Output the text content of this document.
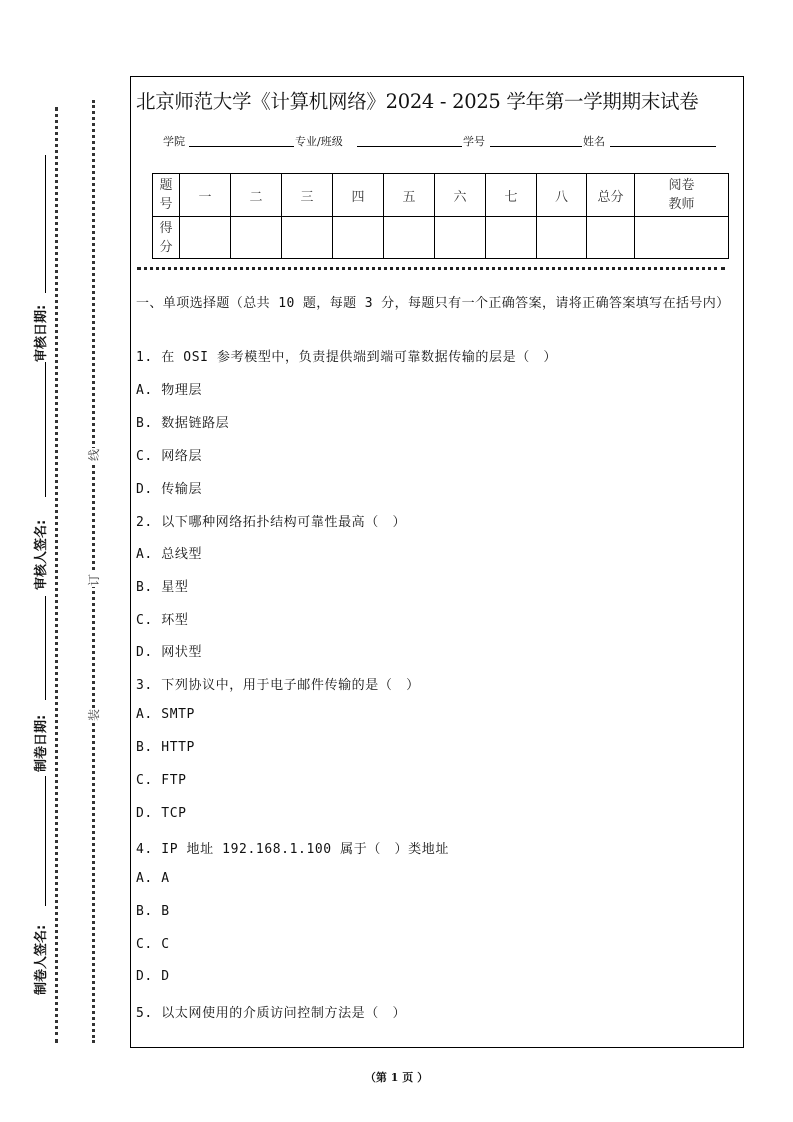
审核日期:
审核人签名:
制卷日期:
制卷人签名:
线
订
装
北京师范大学《计算机网络》2024 - 2025 学年第一学期期末试卷
学院	专业/班级	学号	姓名
题号	一	二	三	四	五	六	七	八	总分	阅卷教师
得分										
一、单项选择题（总共 10 题，每题 3 分，每题只有一个正确答案，请将正确答案填写在括号内）
1. 在 OSI 参考模型中，负责提供端到端可靠数据传输的层是（　）
A. 物理层
B. 数据链路层
C. 网络层
D. 传输层
2. 以下哪种网络拓扑结构可靠性最高（　）
A. 总线型
B. 星型
C. 环型
D. 网状型
3. 下列协议中，用于电子邮件传输的是（　）
A. SMTP
B. HTTP
C. FTP
D. TCP
4. IP 地址 192.168.1.100 属于（　）类地址
A. A
B. B
C. C
D. D
5. 以太网使用的介质访问控制方法是（　）
（第 1 页 ）
